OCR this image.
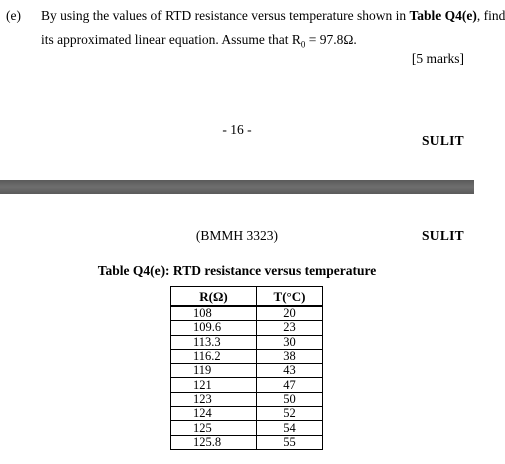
(e) By using the values of RTD resistance versus temperature shown in Table Q4(e), find
its approximated linear equation. Assume that $R_0 = 97.8\Omega$.
[5 marks]
- 16 -
SULIT
(BMMH 3323)	SULIT
Table Q4(e): RTD resistance versus temperature
R(Ω)	T(°C)
108	20
109.6	23
113.3	30
116.2	38
119	43
121	47
123	50
124	52
125	54
125.8	55
